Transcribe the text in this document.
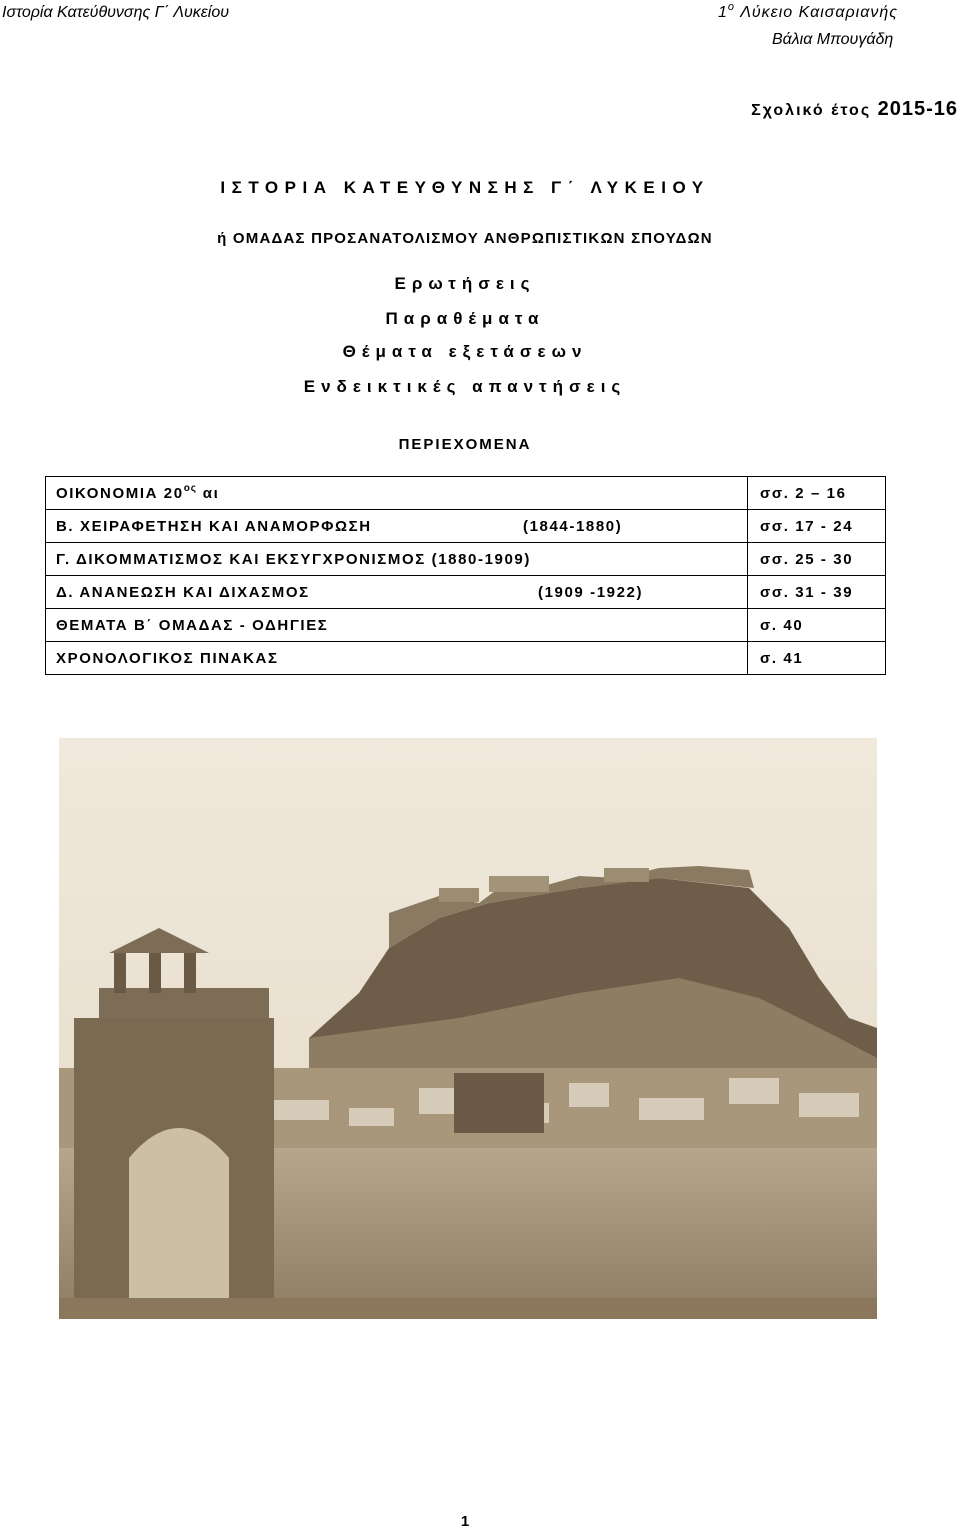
Ιστορία Κατεύθυνσης Γ΄ Λυκείου	$1^o$ Λύκειο Καισαριανής
Βάλια Μπουγάδη
Σχολικό έτος 2015-16
ΙΣΤΟΡΙΑ ΚΑΤΕΥΘΥΝΣΗΣ Γ΄ ΛΥΚΕΙΟΥ
ή ΟΜΑΔΑΣ ΠΡΟΣΑΝΑΤΟΛΙΣΜΟΥ ΑΝΘΡΩΠΙΣΤΙΚΩΝ ΣΠΟΥΔΩΝ
Ερωτήσεις
Παραθέματα
Θέματα εξετάσεων
Ενδεικτικές απαντήσεις
ΠΕΡΙΕΧΟΜΕΝΑ
ΟΙΚΟΝΟΜΙΑ $20^{o\varsigma}$ αι	σσ. 2 – 16
Β. ΧΕΙΡΑΦΕΤΗΣΗ ΚΑΙ ΑΝΑΜΟΡΦΩΣΗ (1844-1880)	σσ. 17 - 24
Γ. ΔΙΚΟΜΜΑΤΙΣΜΟΣ ΚΑΙ ΕΚΣΥΓΧΡΟΝΙΣΜΟΣ (1880-1909)	σσ. 25 - 30
Δ. ΑΝΑΝΕΩΣΗ ΚΑΙ ΔΙΧΑΣΜΟΣ (1909 -1922)	σσ. 31 - 39
ΘΕΜΑΤΑ Β΄ ΟΜΑΔΑΣ - ΟΔΗΓΙΕΣ	σ. 40
ΧΡΟΝΟΛΟΓΙΚΟΣ ΠΙΝΑΚΑΣ	σ. 41
1
